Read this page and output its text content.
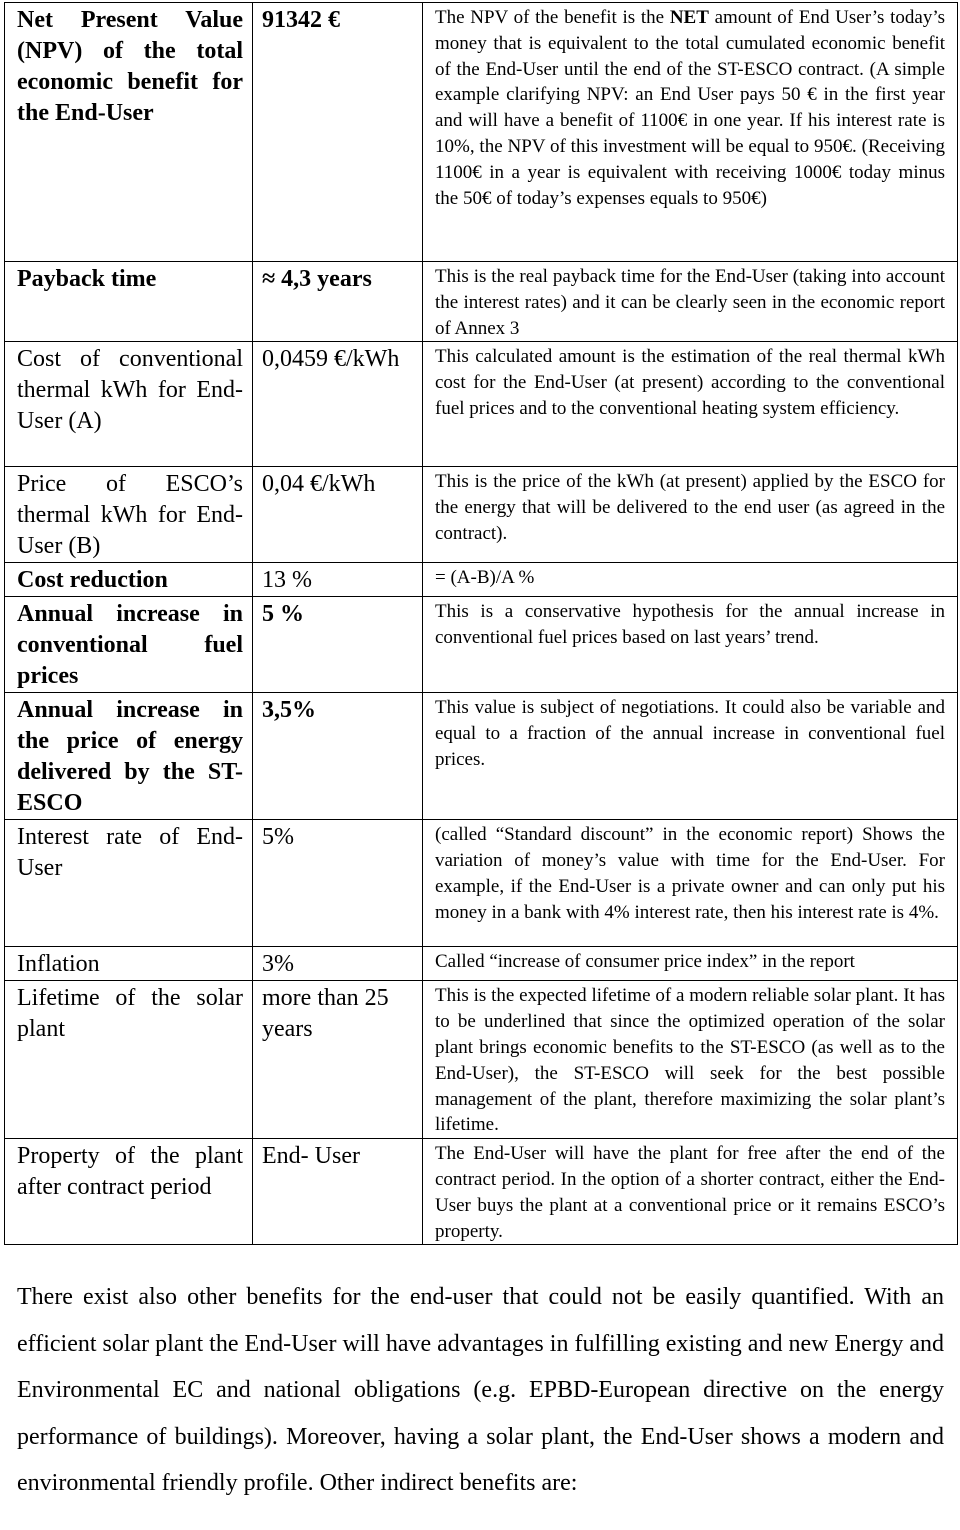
Net Present Value (NPV) of the total economic benefit for the End-User	91342 €	The NPV of the benefit is the NET amount of End User’s today’s money that is equivalent to the total cumulated economic benefit of the End-User until the end of the ST-ESCO contract. (A simple example clarifying NPV: an End User pays 50 € in the first year and will have a benefit of 1100€ in one year. If his interest rate is 10%, the NPV of this investment will be equal to 950€. (Receiving 1100€ in a year is equivalent with receiving 1000€ today minus the 50€ of today’s expenses equals to 950€)
Payback time	≈ 4,3 years	This is the real payback time for the End-User (taking into account the interest rates) and it can be clearly seen in the economic report of Annex 3
Cost of conventional thermal kWh for End-User (A)	0,0459 €/kWh	This calculated amount is the estimation of the real thermal kWh cost for the End-User (at present) according to the conventional fuel prices and to the conventional heating system efficiency.
Price of ESCO’s thermal kWh for End-User (B)	0,04 €/kWh	This is the price of the kWh (at present) applied by the ESCO for the energy that will be delivered to the end user (as agreed in the contract).
Cost reduction	13 %	= (A-B)/A %
Annual increase in conventional fuel prices	5 %	This is a conservative hypothesis for the annual increase in conventional fuel prices based on last years’ trend.
Annual increase in the price of energy delivered by the ST-ESCO	3,5%	This value is subject of negotiations. It could also be variable and equal to a fraction of the annual increase in conventional fuel prices.
Interest rate of End-User	5%	(called “Standard discount” in the economic report) Shows the variation of money’s value with time for the End-User. For example, if the End-User is a private owner and can only put his money in a bank with 4% interest rate, then his interest rate is 4%.
Inflation	3%	Called “increase of consumer price index” in the report
Lifetime of the solar plant	more than 25 years	This is the expected lifetime of a modern reliable solar plant. It has to be underlined that since the optimized operation of the solar plant brings economic benefits to the ST-ESCO (as well as to the End-User), the ST-ESCO will seek for the best possible management of the plant, therefore maximizing the solar plant’s lifetime.
Property of the plant after contract period	End- User	The End-User will have the plant for free after the end of the contract period. In the option of a shorter contract, either the End-User buys the plant at a conventional price or it remains ESCO’s property.

There exist also other benefits for the end-user that could not be easily quantified. With an efficient solar plant the End-User will have advantages in fulfilling existing and new Energy and Environmental EC and national obligations (e.g. EPBD-European directive on the energy performance of buildings). Moreover, having a solar plant, the End-User shows a modern and environmental friendly profile. Other indirect benefits are:
